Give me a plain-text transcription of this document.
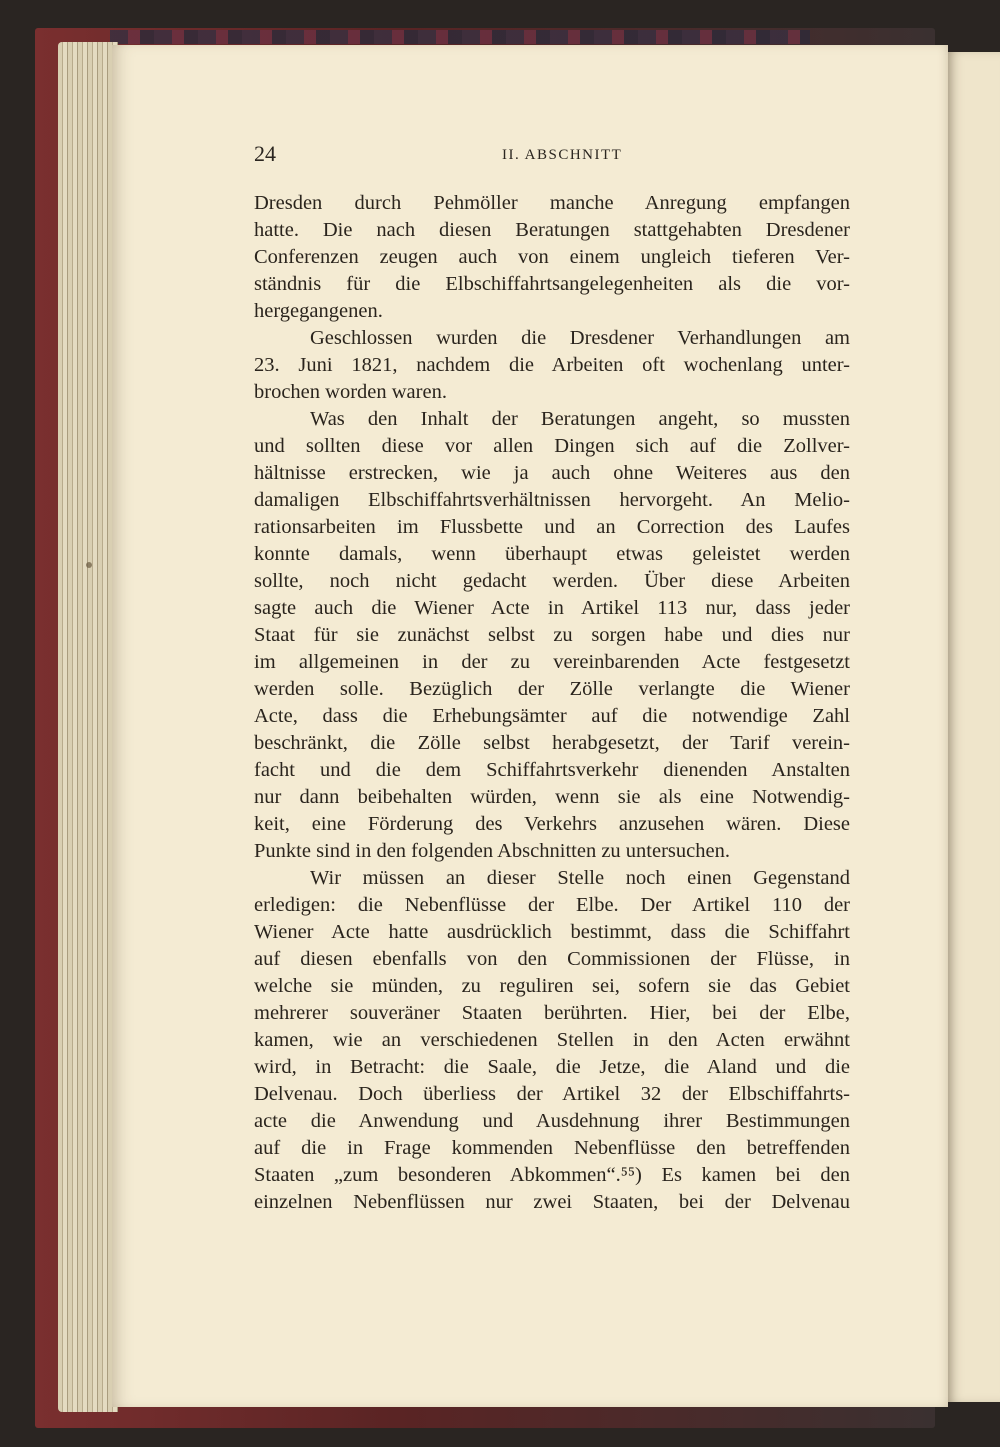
24	II. ABSCHNITT
Dresden durch Pehmöller manche Anregung empfangen
hatte. Die nach diesen Beratungen stattgehabten Dresdener
Conferenzen zeugen auch von einem ungleich tieferen Ver-
ständnis für die Elbschiffahrtsangelegenheiten als die vor-
hergegangenen.
Geschlossen wurden die Dresdener Verhandlungen am
23. Juni 1821, nachdem die Arbeiten oft wochenlang unter-
brochen worden waren.
Was den Inhalt der Beratungen angeht, so mussten
und sollten diese vor allen Dingen sich auf die Zollver-
hältnisse erstrecken, wie ja auch ohne Weiteres aus den
damaligen Elbschiffahrtsverhältnissen hervorgeht. An Melio-
rationsarbeiten im Flussbette und an Correction des Laufes
konnte damals, wenn überhaupt etwas geleistet werden
sollte, noch nicht gedacht werden. Über diese Arbeiten
sagte auch die Wiener Acte in Artikel 113 nur, dass jeder
Staat für sie zunächst selbst zu sorgen habe und dies nur
im allgemeinen in der zu vereinbarenden Acte festgesetzt
werden solle. Bezüglich der Zölle verlangte die Wiener
Acte, dass die Erhebungsämter auf die notwendige Zahl
beschränkt, die Zölle selbst herabgesetzt, der Tarif verein-
facht und die dem Schiffahrtsverkehr dienenden Anstalten
nur dann beibehalten würden, wenn sie als eine Notwendig-
keit, eine Förderung des Verkehrs anzusehen wären. Diese
Punkte sind in den folgenden Abschnitten zu untersuchen.
Wir müssen an dieser Stelle noch einen Gegenstand
erledigen: die Nebenflüsse der Elbe. Der Artikel 110 der
Wiener Acte hatte ausdrücklich bestimmt, dass die Schiffahrt
auf diesen ebenfalls von den Commissionen der Flüsse, in
welche sie münden, zu reguliren sei, sofern sie das Gebiet
mehrerer souveräner Staaten berührten. Hier, bei der Elbe,
kamen, wie an verschiedenen Stellen in den Acten erwähnt
wird, in Betracht: die Saale, die Jetze, die Aland und die
Delvenau. Doch überliess der Artikel 32 der Elbschiffahrts-
acte die Anwendung und Ausdehnung ihrer Bestimmungen
auf die in Frage kommenden Nebenflüsse den betreffenden
Staaten „zum besonderen Abkommen“.⁵⁵) Es kamen bei den
einzelnen Nebenflüssen nur zwei Staaten, bei der Delvenau
